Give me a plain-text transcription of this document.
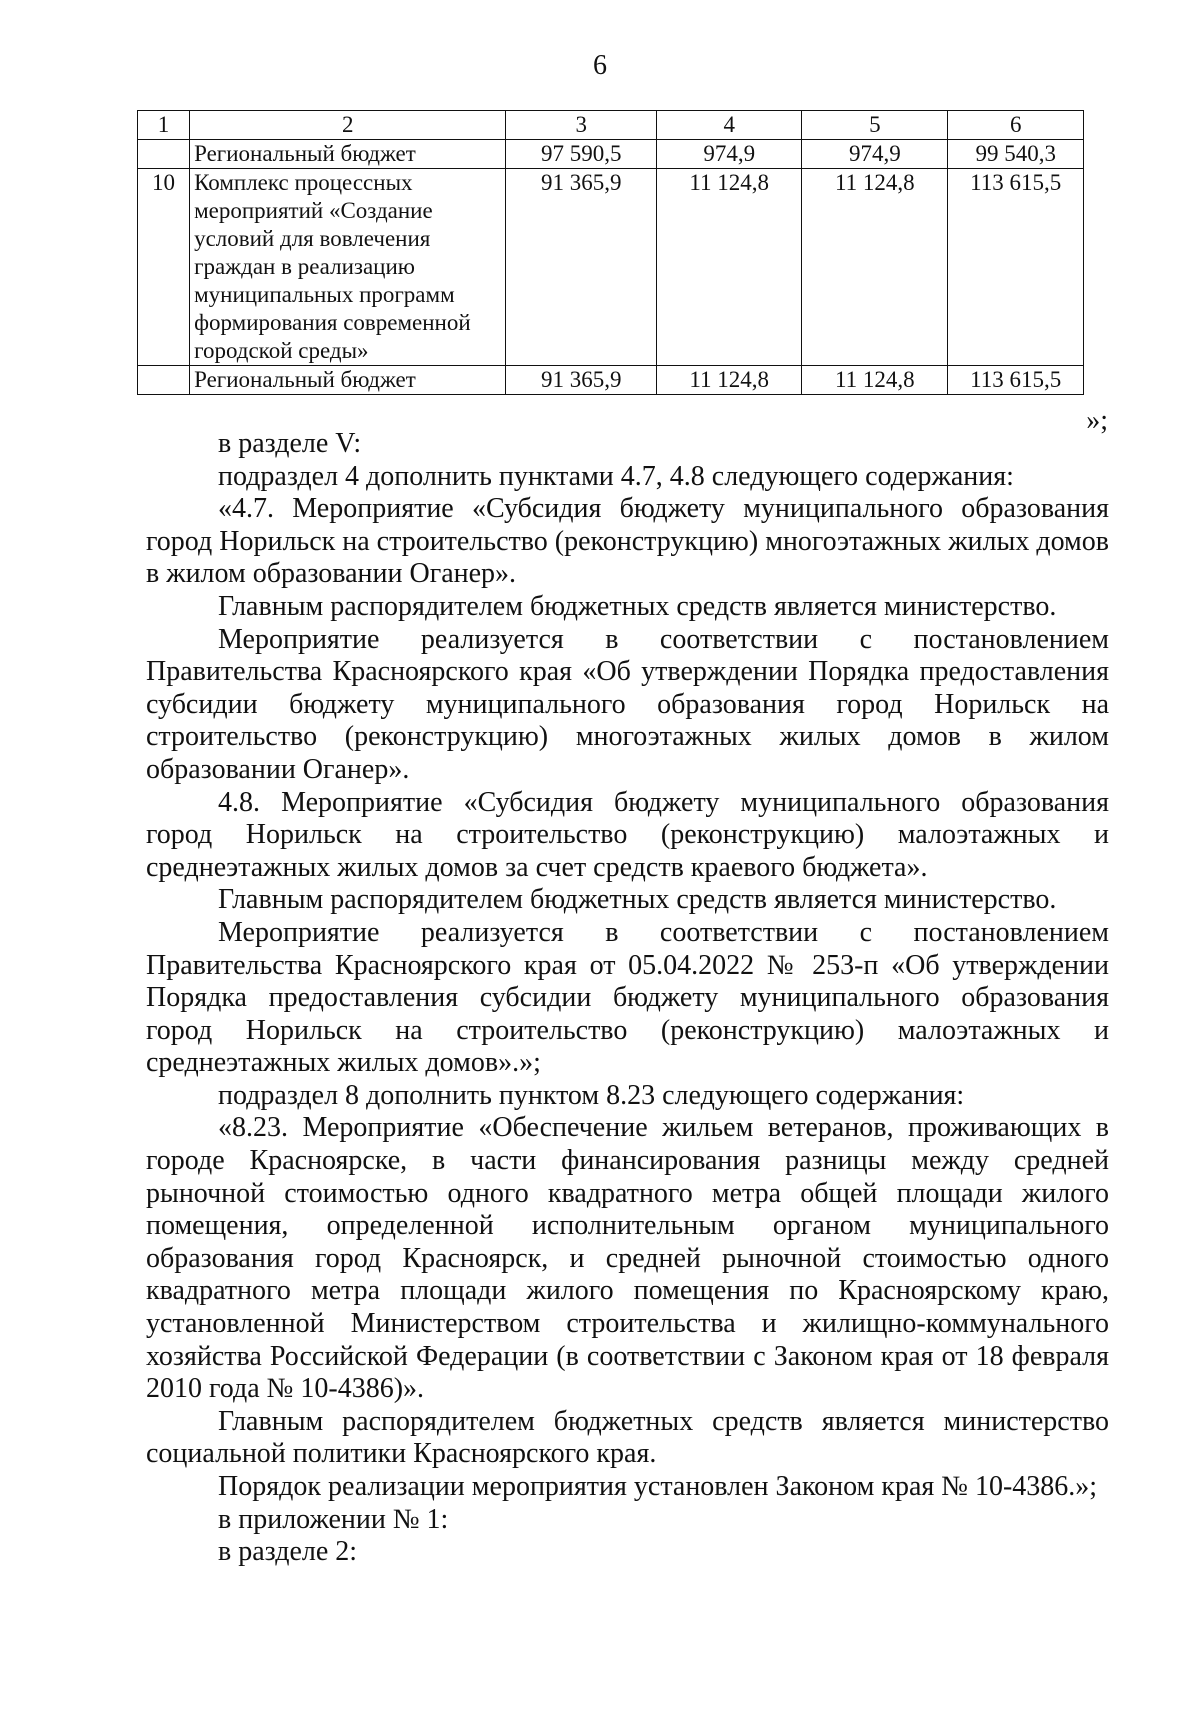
6
1	2	3	4	5	6
	Региональный бюджет	97 590,5	974,9	974,9	99 540,3
10	Комплекс процессных мероприятий «Создание условий для вовлечения граждан в реализацию муниципальных программ формирования современной городской среды»	91 365,9	11 124,8	11 124,8	113 615,5
	Региональный бюджет	91 365,9	11 124,8	11 124,8	113 615,5
»;

в разделе V:

подраздел 4 дополнить пунктами 4.7, 4.8 следующего содержания:

«4.7. Мероприятие «Субсидия бюджету муниципального образования город Норильск на строительство (реконструкцию) многоэтажных жилых домов в жилом образовании Оганер».

Главным распорядителем бюджетных средств является министерство.

Мероприятие реализуется в соответствии с постановлением Правительства Красноярского края «Об утверждении Порядка предоставления субсидии бюджету муниципального образования город Норильск на строительство (реконструкцию) многоэтажных жилых домов в жилом образовании Оганер».

4.8. Мероприятие «Субсидия бюджету муниципального образования город Норильск на строительство (реконструкцию) малоэтажных и среднеэтажных жилых домов за счет средств краевого бюджета».

Главным распорядителем бюджетных средств является министерство.

Мероприятие реализуется в соответствии с постановлением Правительства Красноярского края от 05.04.2022 № 253-п «Об утверждении Порядка предоставления субсидии бюджету муниципального образования город Норильск на строительство (реконструкцию) малоэтажных и среднеэтажных жилых домов».»;

подраздел 8 дополнить пунктом 8.23 следующего содержания:

«8.23. Мероприятие «Обеспечение жильем ветеранов, проживающих в городе Красноярске, в части финансирования разницы между средней рыночной стоимостью одного квадратного метра общей площади жилого помещения, определенной исполнительным органом муниципального образования город Красноярск, и средней рыночной стоимостью одного квадратного метра площади жилого помещения по Красноярскому краю, установленной Министерством строительства и жилищно-коммунального хозяйства Российской Федерации (в соответствии с Законом края от 18 февраля 2010 года № 10-4386)».

Главным распорядителем бюджетных средств является министерство социальной политики Красноярского края.

Порядок реализации мероприятия установлен Законом края № 10-4386.»;

в приложении № 1:

в разделе 2:
